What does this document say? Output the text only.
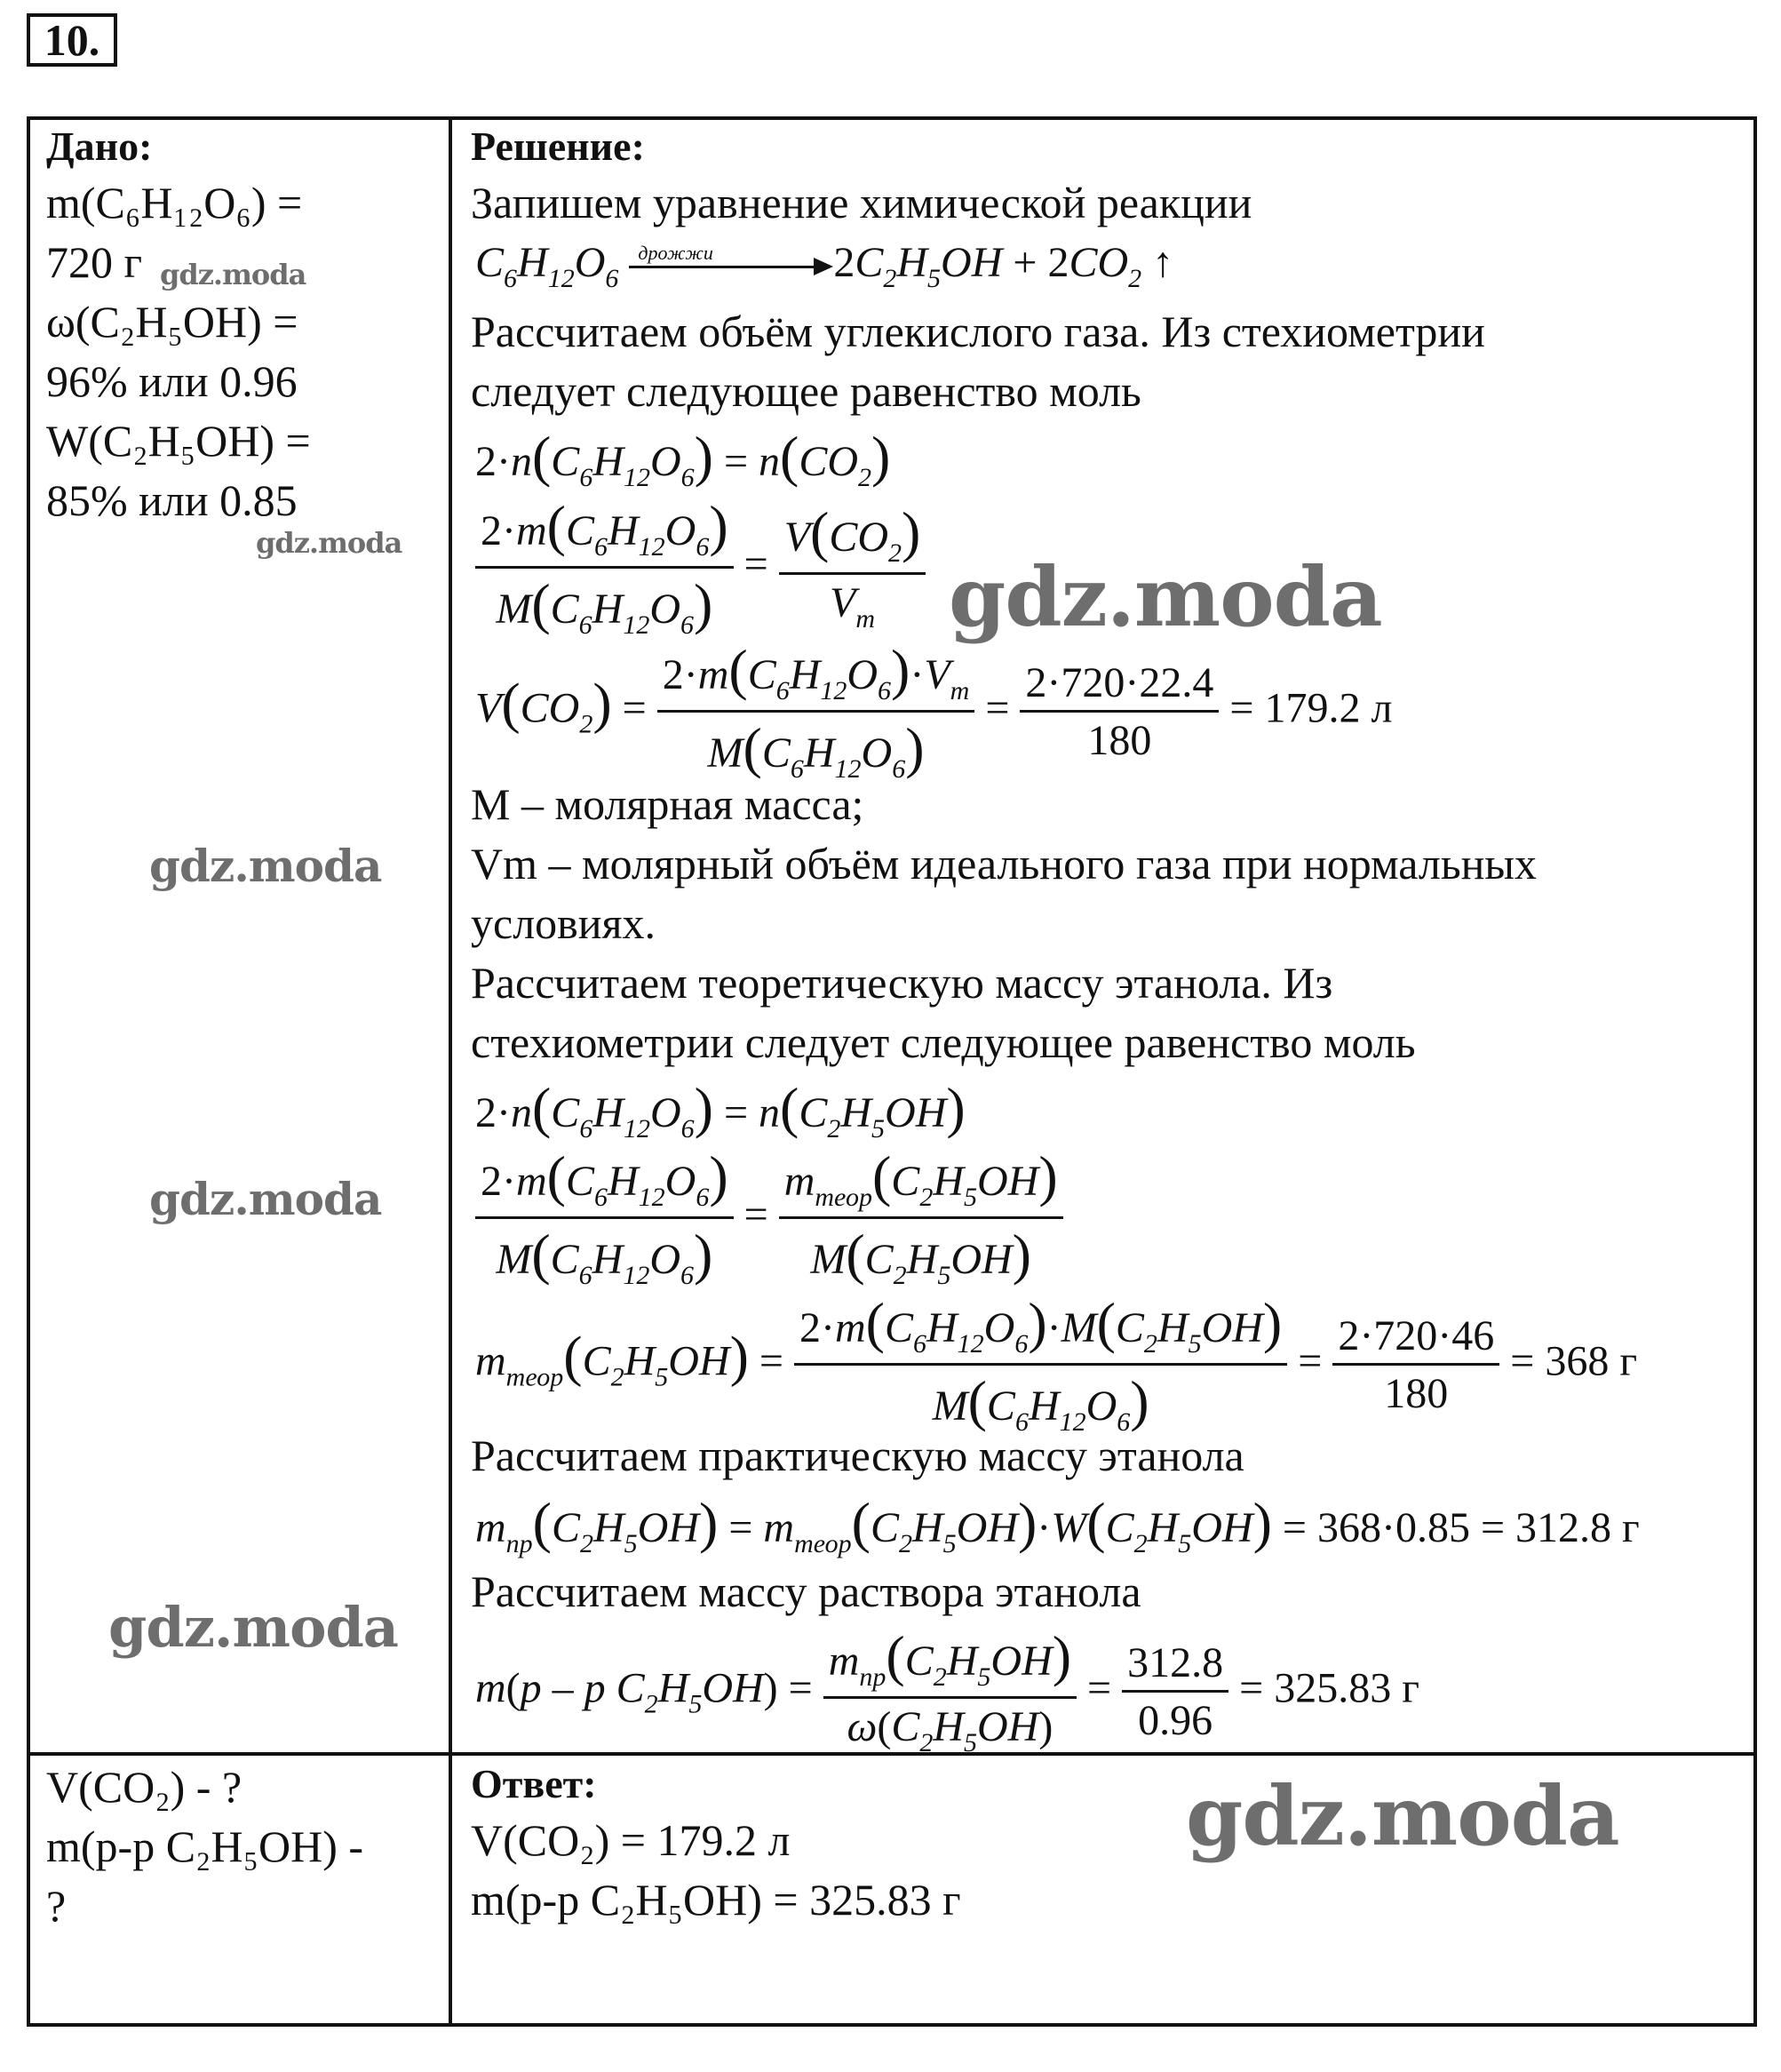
10.
Дано:
m(C₆H₁₂O₆) =
720 г
ω(C₂H₅OH) =
96% или 0.96
W(C₂H₅OH) =
85% или 0.85
Решение:
Запишем уравнение химической реакции
$C_6H_{12}O_6$
дрожжи	$2C_2H_5OH + 2CO_2$ ↑
Рассчитаем объём углекислого газа. Из стехиометрии
следует следующее равенство моль
$2\cdot n(C_6H_{12}O_6) = n(CO_2)$
$\frac{2\cdot m(C_6H_{12}O_6)}{M(C_6H_{12}O_6)} = \frac{V(CO_2)}{V_m}$
$V(CO_2) = \frac{2\cdot m(C_6H_{12}O_6)\cdot V_m}{M(C_6H_{12}O_6)} = \frac{2\cdot 720\cdot 22.4}{180} = 179.2$ л
M – молярная масса;
Vm – молярный объём идеального газа при нормальных
условиях.
Рассчитаем теоретическую массу этанола. Из
стехиометрии следует следующее равенство моль
$2\cdot n(C_6H_{12}O_6) = n(C_2H_5OH)$
$\frac{2\cdot m(C_6H_{12}O_6)}{M(C_6H_{12}O_6)} = \frac{m_{теор}(C_2H_5OH)}{M(C_2H_5OH)}$
$m_{теор}(C_2H_5OH) = \frac{2\cdot m(C_6H_{12}O_6)\cdot M(C_2H_5OH)}{M(C_6H_{12}O_6)} = \frac{2\cdot 720\cdot 46}{180} = 368$ г
Рассчитаем практическую массу этанола
$m_{пр}(C_2H_5OH) = m_{теор}(C_2H_5OH)\cdot W(C_2H_5OH) = 368\cdot 0.85 = 312.8$ г
Рассчитаем массу раствора этанола
m(p – p $C_2H_5OH) = \frac{m_{пр}(C_2H_5OH)}{\omega(C_2H_5OH)} = \frac{312.8}{0.96} = 325.83$ г
V(CO₂) - ?
m(р-р C₂H₅OH) -
?
Ответ:
V(CO₂) = 179.2 л
m(р-р C₂H₅OH) = 325.83 г
gdz.moda
gdz.moda
gdz.moda
gdz.moda
gdz.moda
gdz.moda
gdz.moda
